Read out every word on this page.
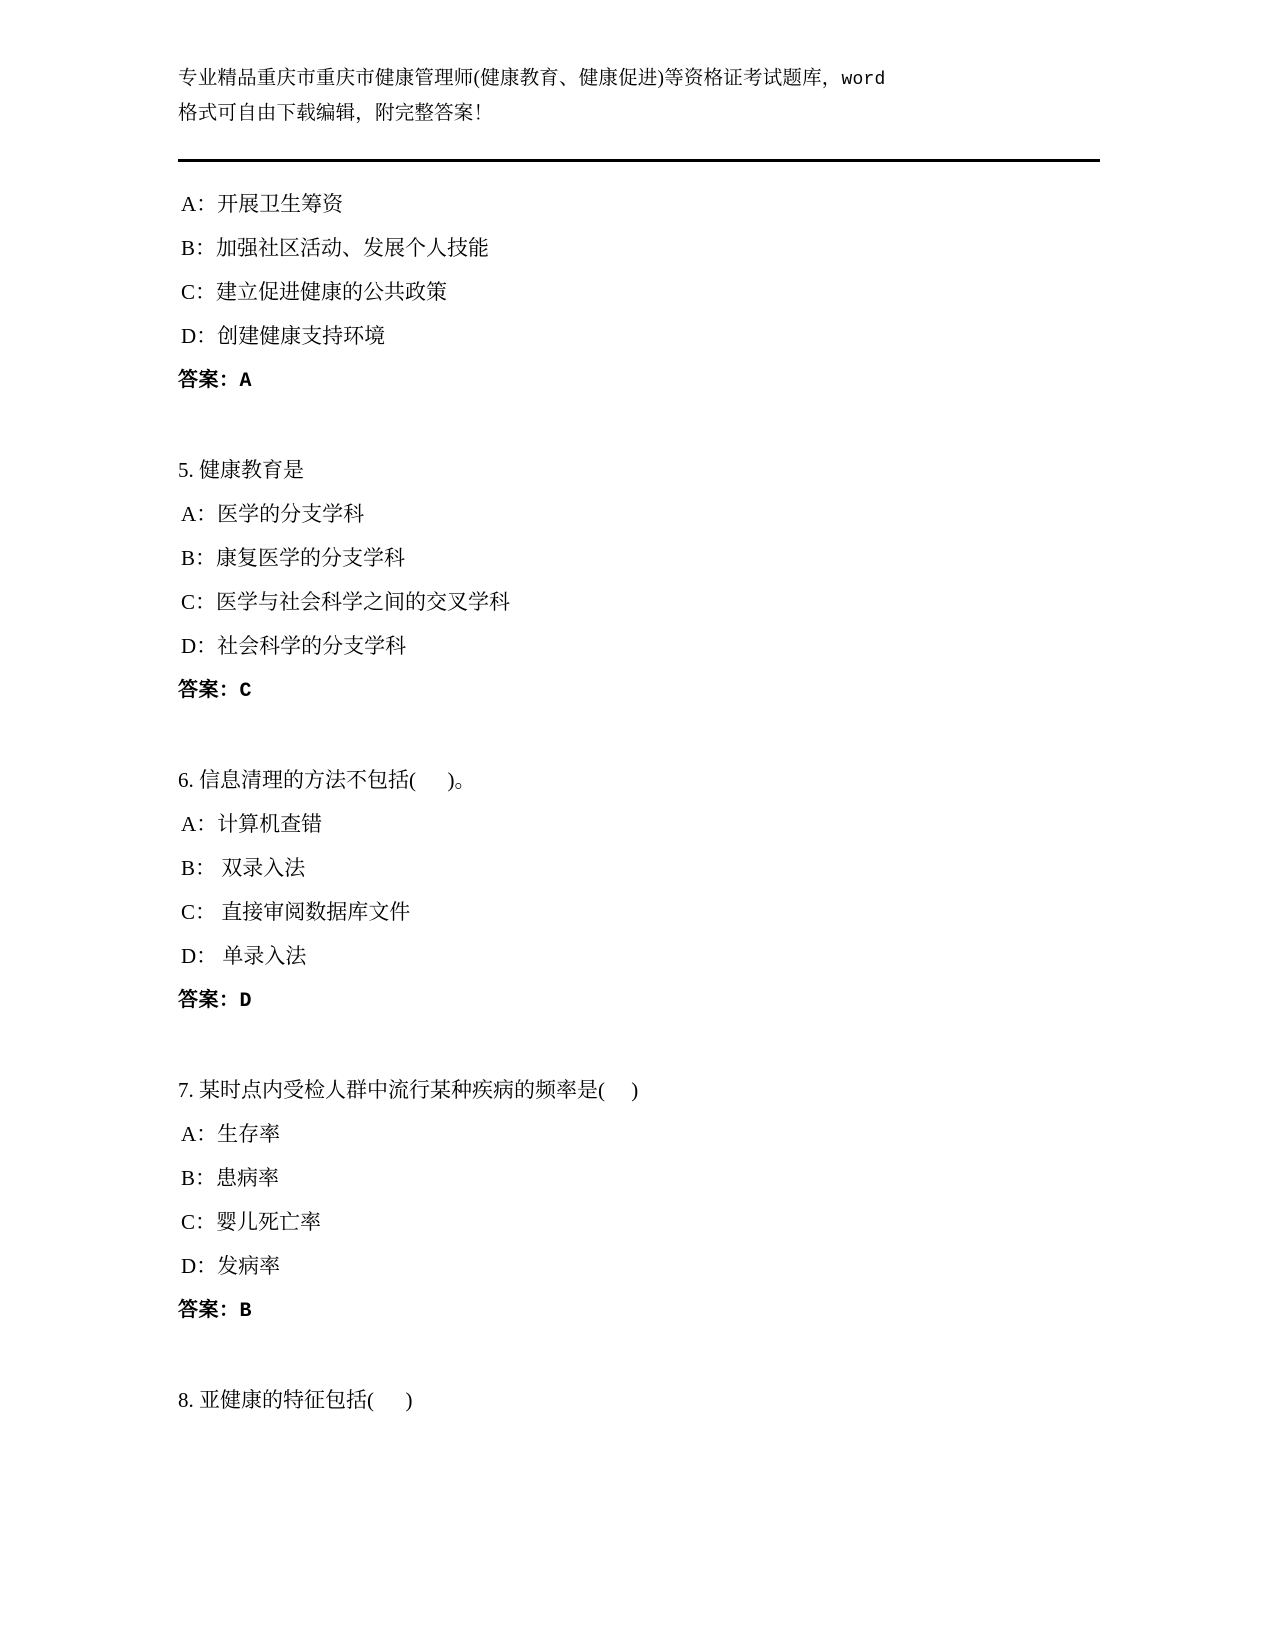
专业精品重庆市重庆市健康管理师(健康教育、健康促进)等资格证考试题库，word
格式可自由下载编辑，附完整答案！
A：开展卫生筹资
B：加强社区活动、发展个人技能
C：建立促进健康的公共政策
D：创建健康支持环境
答案：A
5. 健康教育是
A：医学的分支学科
B：康复医学的分支学科
C：医学与社会科学之间的交叉学科
D：社会科学的分支学科
答案：C
6. 信息清理的方法不包括(      )。
A：计算机查错
B： 双录入法
C： 直接审阅数据库文件
D： 单录入法
答案：D
7. 某时点内受检人群中流行某种疾病的频率是(     )
A：生存率
B：患病率
C：婴儿死亡率
D：发病率
答案：B
8. 亚健康的特征包括(      )
